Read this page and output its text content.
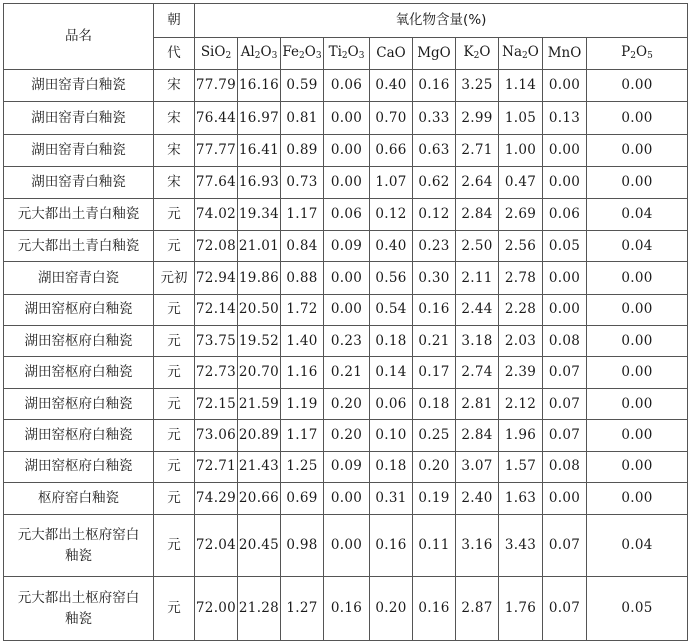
品名	朝	氧化物含量(%)									
	代	SiO$_2$	$Al_2O_3$	$Fe_2O_3$	$Ti_2O_3$	CaO	MgO	$K_2O$	$Na_2O$	MnO	$P_2O_5$
湖田窑青白釉瓷	宋	77.79	16.16	0.59	0.06	0.40	0.16	3.25	1.14	0.00	0.00
湖田窑青白釉瓷	宋	76.44	16.97	0.81	0.00	0.70	0.33	2.99	1.05	0.13	0.00
湖田窑青白釉瓷	宋	77.77	16.41	0.89	0.00	0.66	0.63	2.71	1.00	0.00	0.00
湖田窑青白釉瓷	宋	77.64	16.93	0.73	0.00	1.07	0.62	2.64	0.47	0.00	0.00
元大都出土青白釉瓷	元	74.02	19.34	1.17	0.06	0.12	0.12	2.84	2.69	0.06	0.04
元大都出土青白釉瓷	元	72.08	21.01	0.84	0.09	0.40	0.23	2.50	2.56	0.05	0.04
湖田窑青白瓷	元初	72.94	19.86	0.88	0.00	0.56	0.30	2.11	2.78	0.00	0.00
湖田窑枢府白釉瓷	元	72.14	20.50	1.72	0.00	0.54	0.16	2.44	2.28	0.00	0.00
湖田窑枢府白釉瓷	元	73.75	19.52	1.40	0.23	0.18	0.21	3.18	2.03	0.08	0.00
湖田窑枢府白釉瓷	元	72.73	20.70	1.16	0.21	0.14	0.17	2.74	2.39	0.07	0.00
湖田窑枢府白釉瓷	元	72.15	21.59	1.19	0.20	0.06	0.18	2.81	2.12	0.07	0.00
湖田窑枢府白釉瓷	元	73.06	20.89	1.17	0.20	0.10	0.25	2.84	1.96	0.07	0.00
湖田窑枢府白釉瓷	元	72.71	21.43	1.25	0.09	0.18	0.20	3.07	1.57	0.08	0.00
枢府窑白釉瓷	元	74.29	20.66	0.69	0.00	0.31	0.19	2.40	1.63	0.00	0.00
元大都出土枢府窑白釉瓷	元	72.04	20.45	0.98	0.00	0.16	0.11	3.16	3.43	0.07	0.04
元大都出土枢府窑白釉瓷	元	72.00	21.28	1.27	0.16	0.20	0.16	2.87	1.76	0.07	0.05
